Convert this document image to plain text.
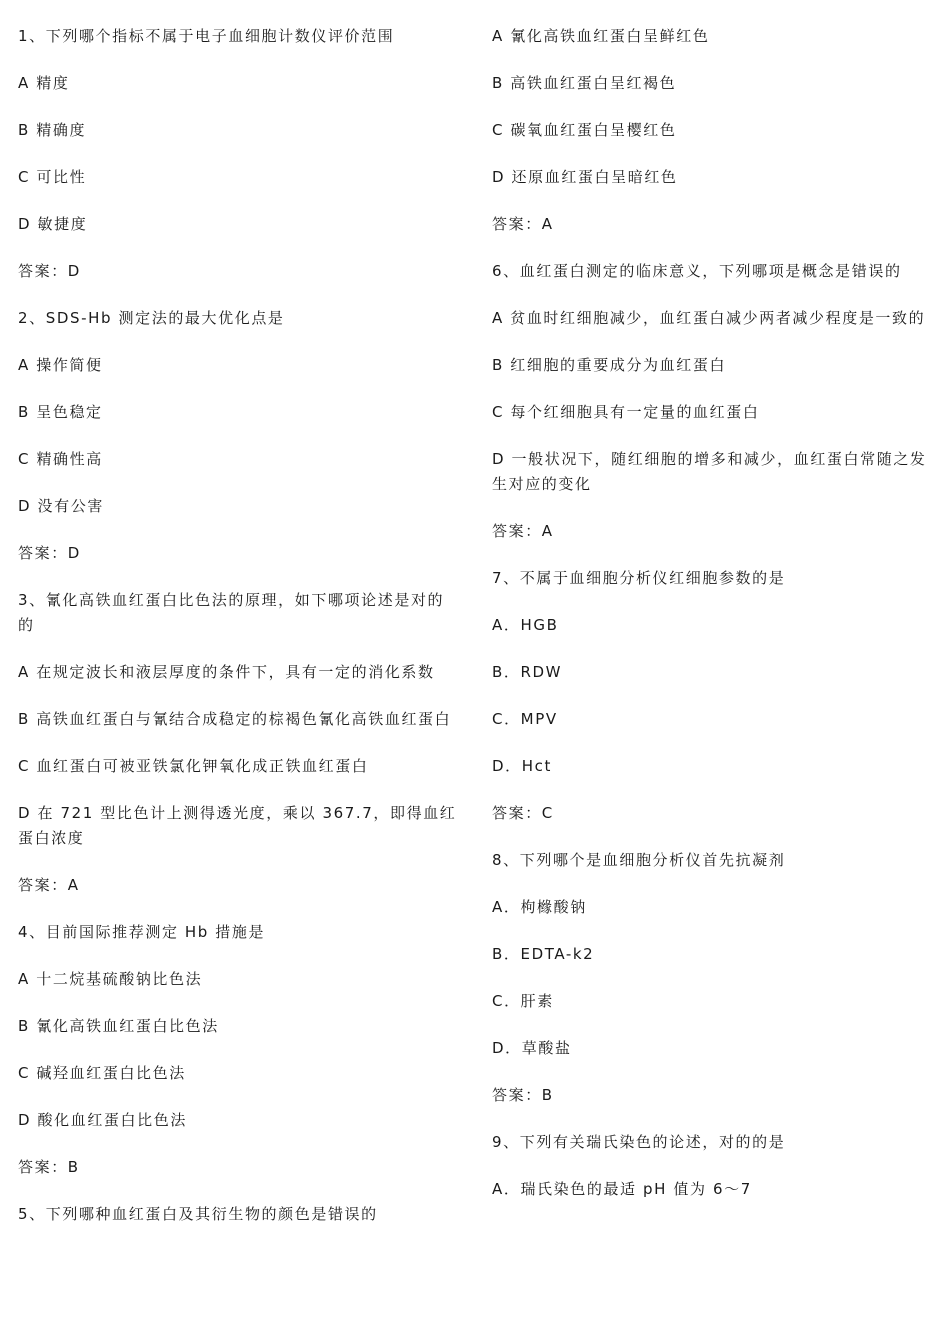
1、下列哪个指标不属于电子血细胞计数仪评价范围

A 精度

B 精确度

C 可比性

D 敏捷度

答案：D

2、SDS-Hb 测定法的最大优化点是

A 操作简便

B 呈色稳定

C 精确性高

D 没有公害

答案：D

3、氰化高铁血红蛋白比色法的原理，如下哪项论述是对的的

A 在规定波长和液层厚度的条件下，具有一定的消化系数

B 高铁血红蛋白与氰结合成稳定的棕褐色氰化高铁血红蛋白

C 血红蛋白可被亚铁氯化钾氧化成正铁血红蛋白

D 在 721 型比色计上测得透光度，乘以 367.7，即得血红蛋白浓度

答案：A

4、目前国际推荐测定 Hb 措施是

A 十二烷基硫酸钠比色法

B 氰化高铁血红蛋白比色法

C 碱羟血红蛋白比色法

D 酸化血红蛋白比色法

答案：B

5、下列哪种血红蛋白及其衍生物的颜色是错误的

A 氰化高铁血红蛋白呈鲜红色

B 高铁血红蛋白呈红褐色

C 碳氧血红蛋白呈樱红色

D 还原血红蛋白呈暗红色

答案：A

6、血红蛋白测定的临床意义，下列哪项是概念是错误的

A 贫血时红细胞减少，血红蛋白减少两者减少程度是一致的

B 红细胞的重要成分为血红蛋白

C 每个红细胞具有一定量的血红蛋白

D 一般状况下，随红细胞的增多和减少，血红蛋白常随之发生对应的变化

答案：A

7、不属于血细胞分析仪红细胞参数的是

A．HGB

B．RDW

C．MPV

D．Hct

答案：C

8、下列哪个是血细胞分析仪首先抗凝剂

A．枸橼酸钠

B．EDTA-k2

C．肝素

D．草酸盐

答案：B

9、下列有关瑞氏染色的论述，对的的是

A．瑞氏染色的最适 pH 值为 6～7
